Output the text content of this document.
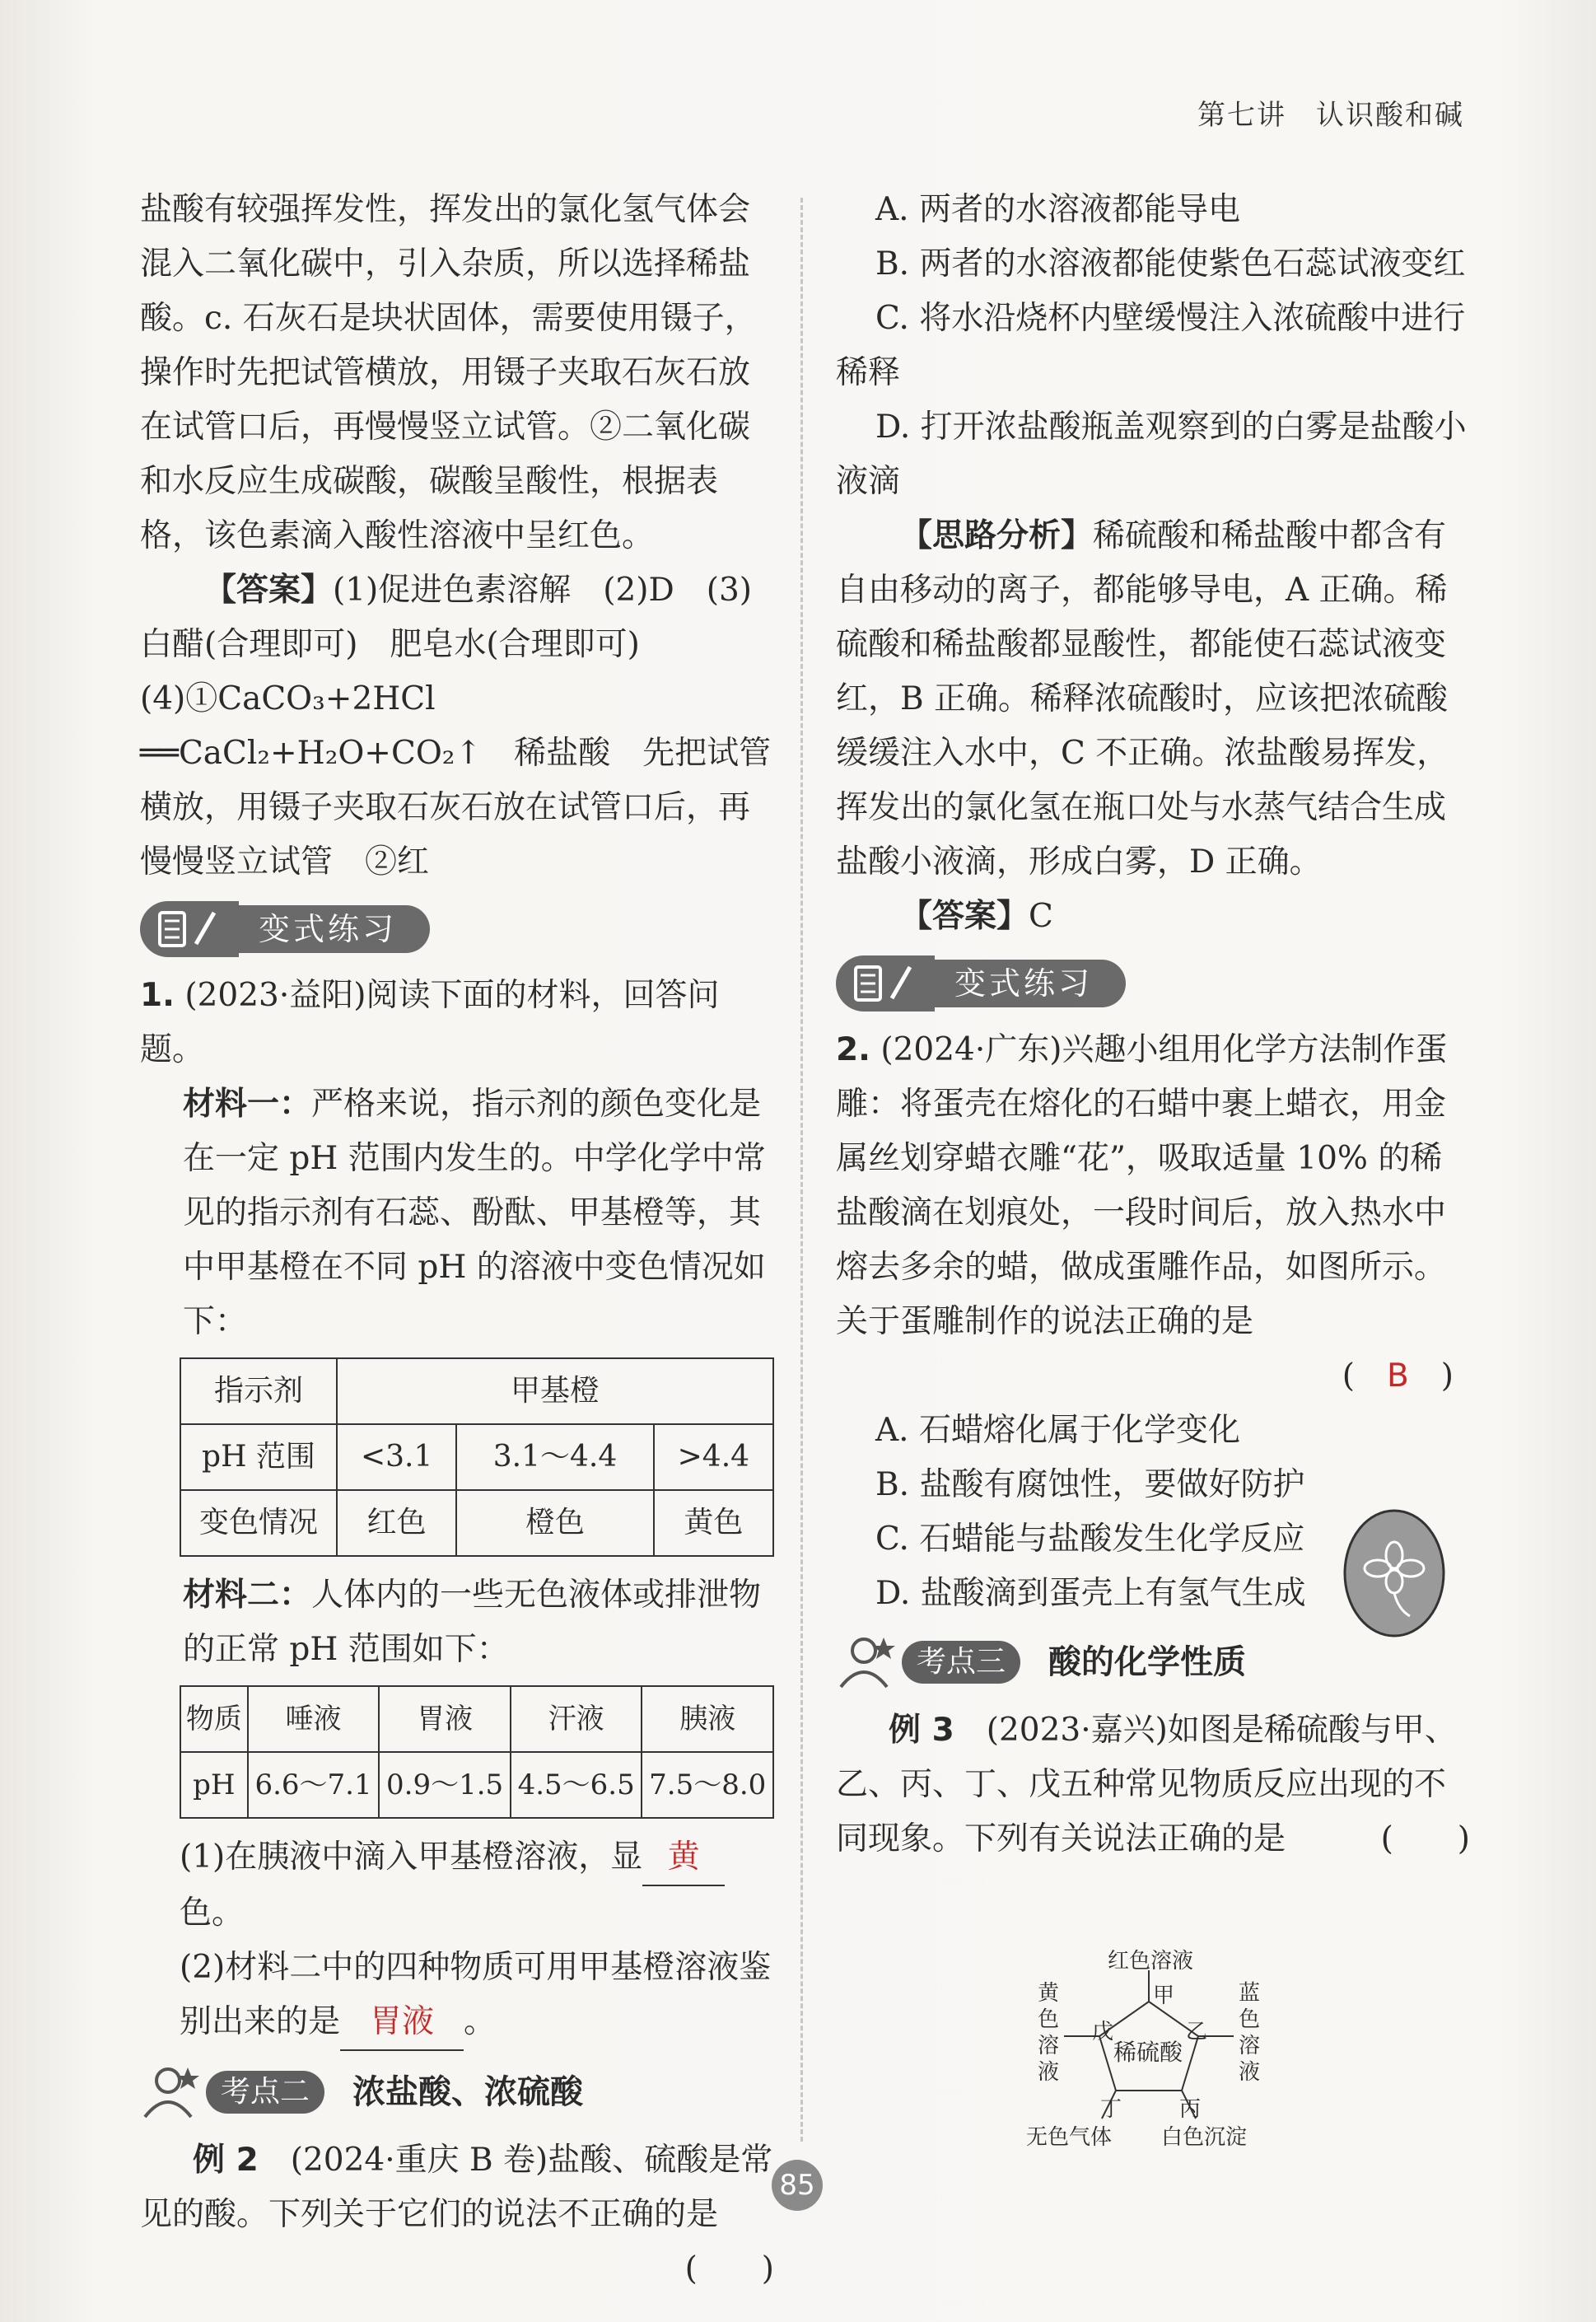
第七讲　认识酸和碱

盐酸有较强挥发性，挥发出的氯化氢气体会混入二氧化碳中，引入杂质，所以选择稀盐酸。c. 石灰石是块状固体，需要使用镊子，操作时先把试管横放，用镊子夹取石灰石放在试管口后，再慢慢竖立试管。②二氧化碳和水反应生成碳酸，碳酸呈酸性，根据表格，该色素滴入酸性溶液中呈红色。

【答案】(1)促进色素溶解　(2)D　(3)白醋(合理即可)　肥皂水(合理即可)　(4)①CaCO₃+2HCl ══CaCl₂+H₂O+CO₂↑　稀盐酸　先把试管横放，用镊子夹取石灰石放在试管口后，再慢慢竖立试管　②红

变式练习

1. (2023·益阳)阅读下面的材料，回答问题。

材料一：严格来说，指示剂的颜色变化是在一定 pH 范围内发生的。中学化学中常见的指示剂有石蕊、酚酞、甲基橙等，其中甲基橙在不同 pH 的溶液中变色情况如下：

指示剂	甲基橙		
pH 范围	<3.1	3.1～4.4	>4.4
变色情况	红色	橙色	黄色

材料二：人体内的一些无色液体或排泄物的正常 pH 范围如下：

物质	唾液	胃液	汗液	胰液
pH	6.6～7.1	0.9～1.5	4.5～6.5	7.5～8.0

(1)在胰液中滴入甲基橙溶液，显 黄色。

(2)材料二中的四种物质可用甲基橙溶液鉴别出来的是 胃液 。

考点二	浓盐酸、浓硫酸

例 2　 (2024·重庆 B 卷)盐酸、硫酸是常见的酸。下列关于它们的说法不正确的是

(　　)

A. 两者的水溶液都能导电

B. 两者的水溶液都能使紫色石蕊试液变红

C. 将水沿烧杯内壁缓慢注入浓硫酸中进行稀释

D. 打开浓盐酸瓶盖观察到的白雾是盐酸小液滴

【思路分析】稀硫酸和稀盐酸中都含有自由移动的离子，都能够导电，A 正确。稀硫酸和稀盐酸都显酸性，都能使石蕊试液变红，B 正确。稀释浓硫酸时，应该把浓硫酸缓缓注入水中，C 不正确。浓盐酸易挥发，挥发出的氯化氢在瓶口处与水蒸气结合生成盐酸小液滴，形成白雾，D 正确。

【答案】C

变式练习

2. (2024·广东)兴趣小组用化学方法制作蛋雕：将蛋壳在熔化的石蜡中裹上蜡衣，用金属丝划穿蜡衣雕“花”，吸取适量 10% 的稀盐酸滴在划痕处，一段时间后，放入热水中熔去多余的蜡，做成蛋雕作品，如图所示。关于蛋雕制作的说法正确的是

(　B　)

A. 石蜡熔化属于化学变化

B. 盐酸有腐蚀性，要做好防护

C. 石蜡能与盐酸发生化学反应

D. 盐酸滴到蛋壳上有氢气生成

考点三	酸的化学性质

例 3　 (2023·嘉兴)如图是稀硫酸与甲、乙、丙、丁、戊五种常见物质反应出现的不同现象。下列有关说法正确的是	(　　)

红色溶液
甲
乙
丙
丁
戊
稀硫酸
黄色溶液
蓝色溶液
无色气体 白色沉淀
85
